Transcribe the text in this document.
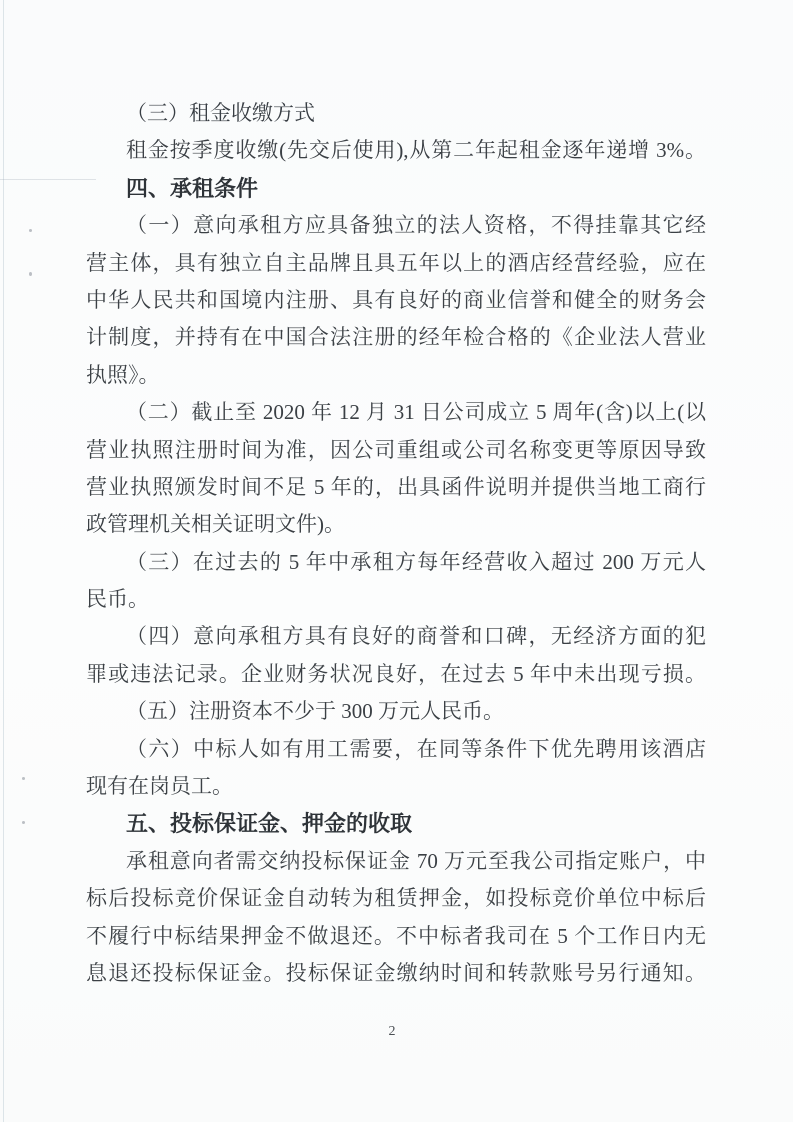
（三）租金收缴方式
租金按季度收缴(先交后使用),从第二年起租金逐年递增 3%。
四、承租条件
（一）意向承租方应具备独立的法人资格，不得挂靠其它经
营主体，具有独立自主品牌且具五年以上的酒店经营经验，应在
中华人民共和国境内注册、具有良好的商业信誉和健全的财务会
计制度，并持有在中国合法注册的经年检合格的《企业法人营业
执照》。
（二）截止至 2020 年 12 月 31 日公司成立 5 周年(含)以上(以
营业执照注册时间为准，因公司重组或公司名称变更等原因导致
营业执照颁发时间不足 5 年的，出具函件说明并提供当地工商行
政管理机关相关证明文件)。
（三）在过去的 5 年中承租方每年经营收入超过 200 万元人
民币。
（四）意向承租方具有良好的商誉和口碑，无经济方面的犯
罪或违法记录。企业财务状况良好，在过去 5 年中未出现亏损。
（五）注册资本不少于 300 万元人民币。
（六）中标人如有用工需要，在同等条件下优先聘用该酒店
现有在岗员工。
五、投标保证金、押金的收取
承租意向者需交纳投标保证金 70 万元至我公司指定账户，中
标后投标竞价保证金自动转为租赁押金，如投标竞价单位中标后
不履行中标结果押金不做退还。不中标者我司在 5 个工作日内无
息退还投标保证金。投标保证金缴纳时间和转款账号另行通知。
2
